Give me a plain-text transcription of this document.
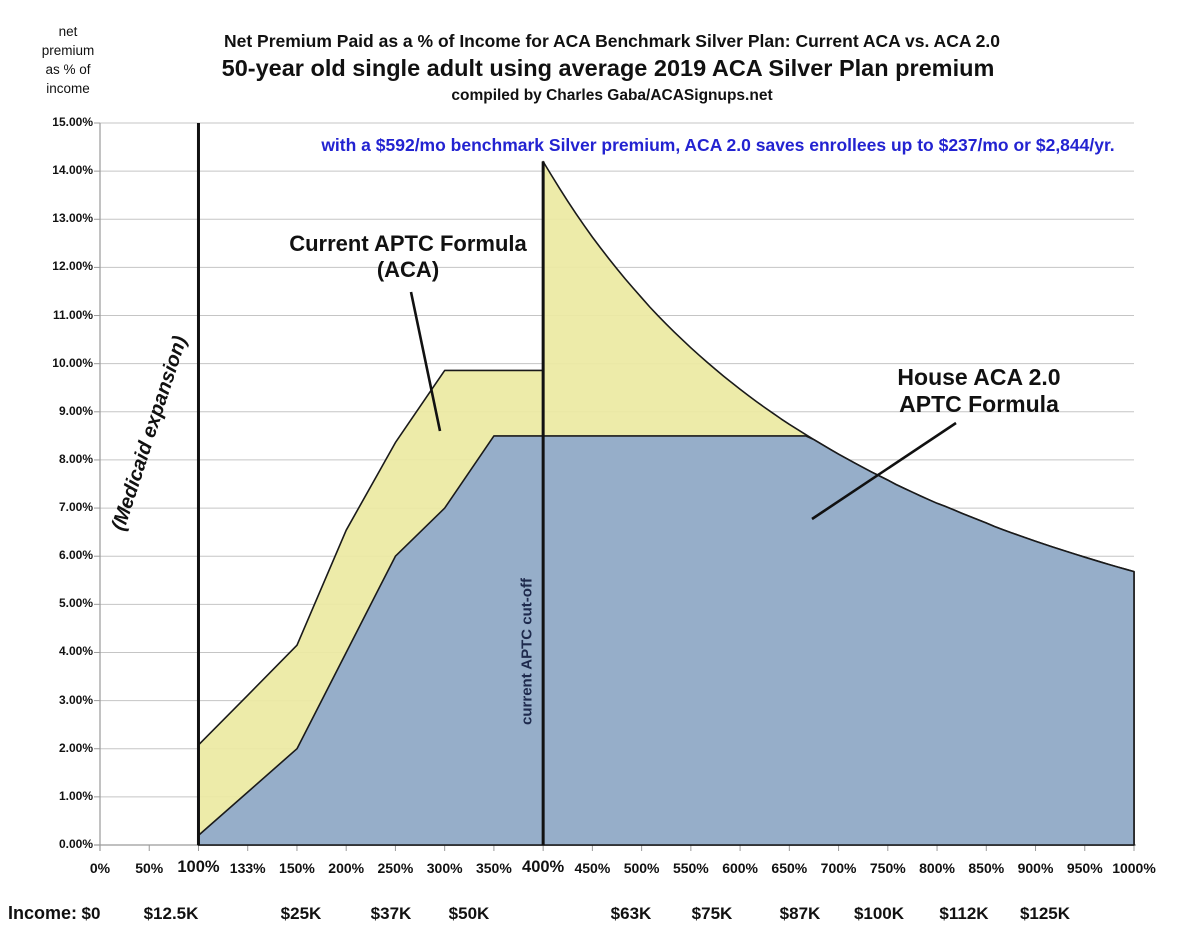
net
premium
as % of
income
Net Premium Paid as a % of Income for ACA Benchmark Silver Plan: Current ACA vs. ACA 2.0
50-year old single adult using average 2019 ACA Silver Plan premium
compiled by Charles Gaba/ACASignups.net
with a $592/mo benchmark Silver premium, ACA 2.0 saves enrollees up to $237/mo or $2,844/yr.
Current APTC Formula
(ACA)
House ACA 2.0
APTC Formula
(Medicaid expansion)
current APTC cut-off
Income:
15.00%
14.00%
13.00%
12.00%
11.00%
10.00%
9.00%
8.00%
7.00%
6.00%
5.00%
4.00%
3.00%
2.00%
1.00%
0.00%
0%	50% 100% 133% 150% 200% 250% 300% 350% 400% 450% 500% 550% 600% 650% 700% 750% 800% 850% 900% 950% 1000%
$0	$12.5K	$25K	$37K	$50K	$63K	$75K	$87K	$100K	$112K	$125K
